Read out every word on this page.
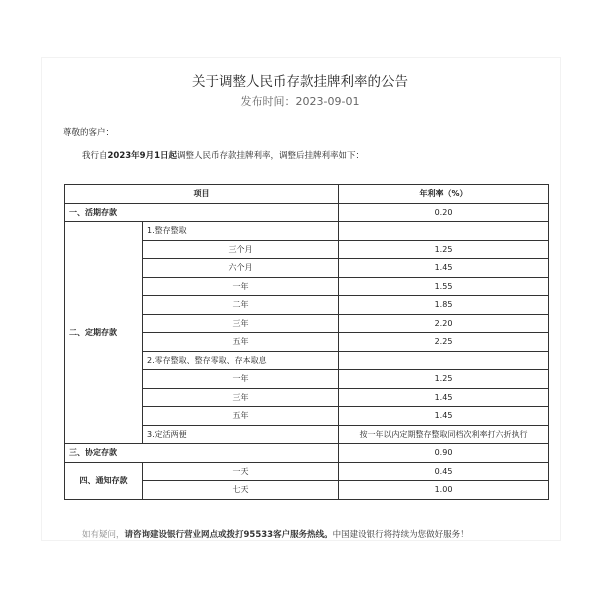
关于调整人民币存款挂牌利率的公告
发布时间：2023-09-01
尊敬的客户：
我行自2023年9月1日起调整人民币存款挂牌利率，调整后挂牌利率如下：
项目		年利率（%）
一、活期存款		0.20
二、定期存款	1.整存整取	
	三个月	1.25
	六个月	1.45
	一年	1.55
	二年	1.85
	三年	2.20
	五年	2.25
	2.零存整取、整存零取、存本取息	
	一年	1.25
	三年	1.45
	五年	1.45
	3.定活两便	按一年以内定期整存整取同档次利率打六折执行
三、协定存款		0.90
四、通知存款	一天	0.45
	七天	1.00
如有疑问，请咨询建设银行营业网点或拨打95533客户服务热线。中国建设银行将持续为您做好服务！
